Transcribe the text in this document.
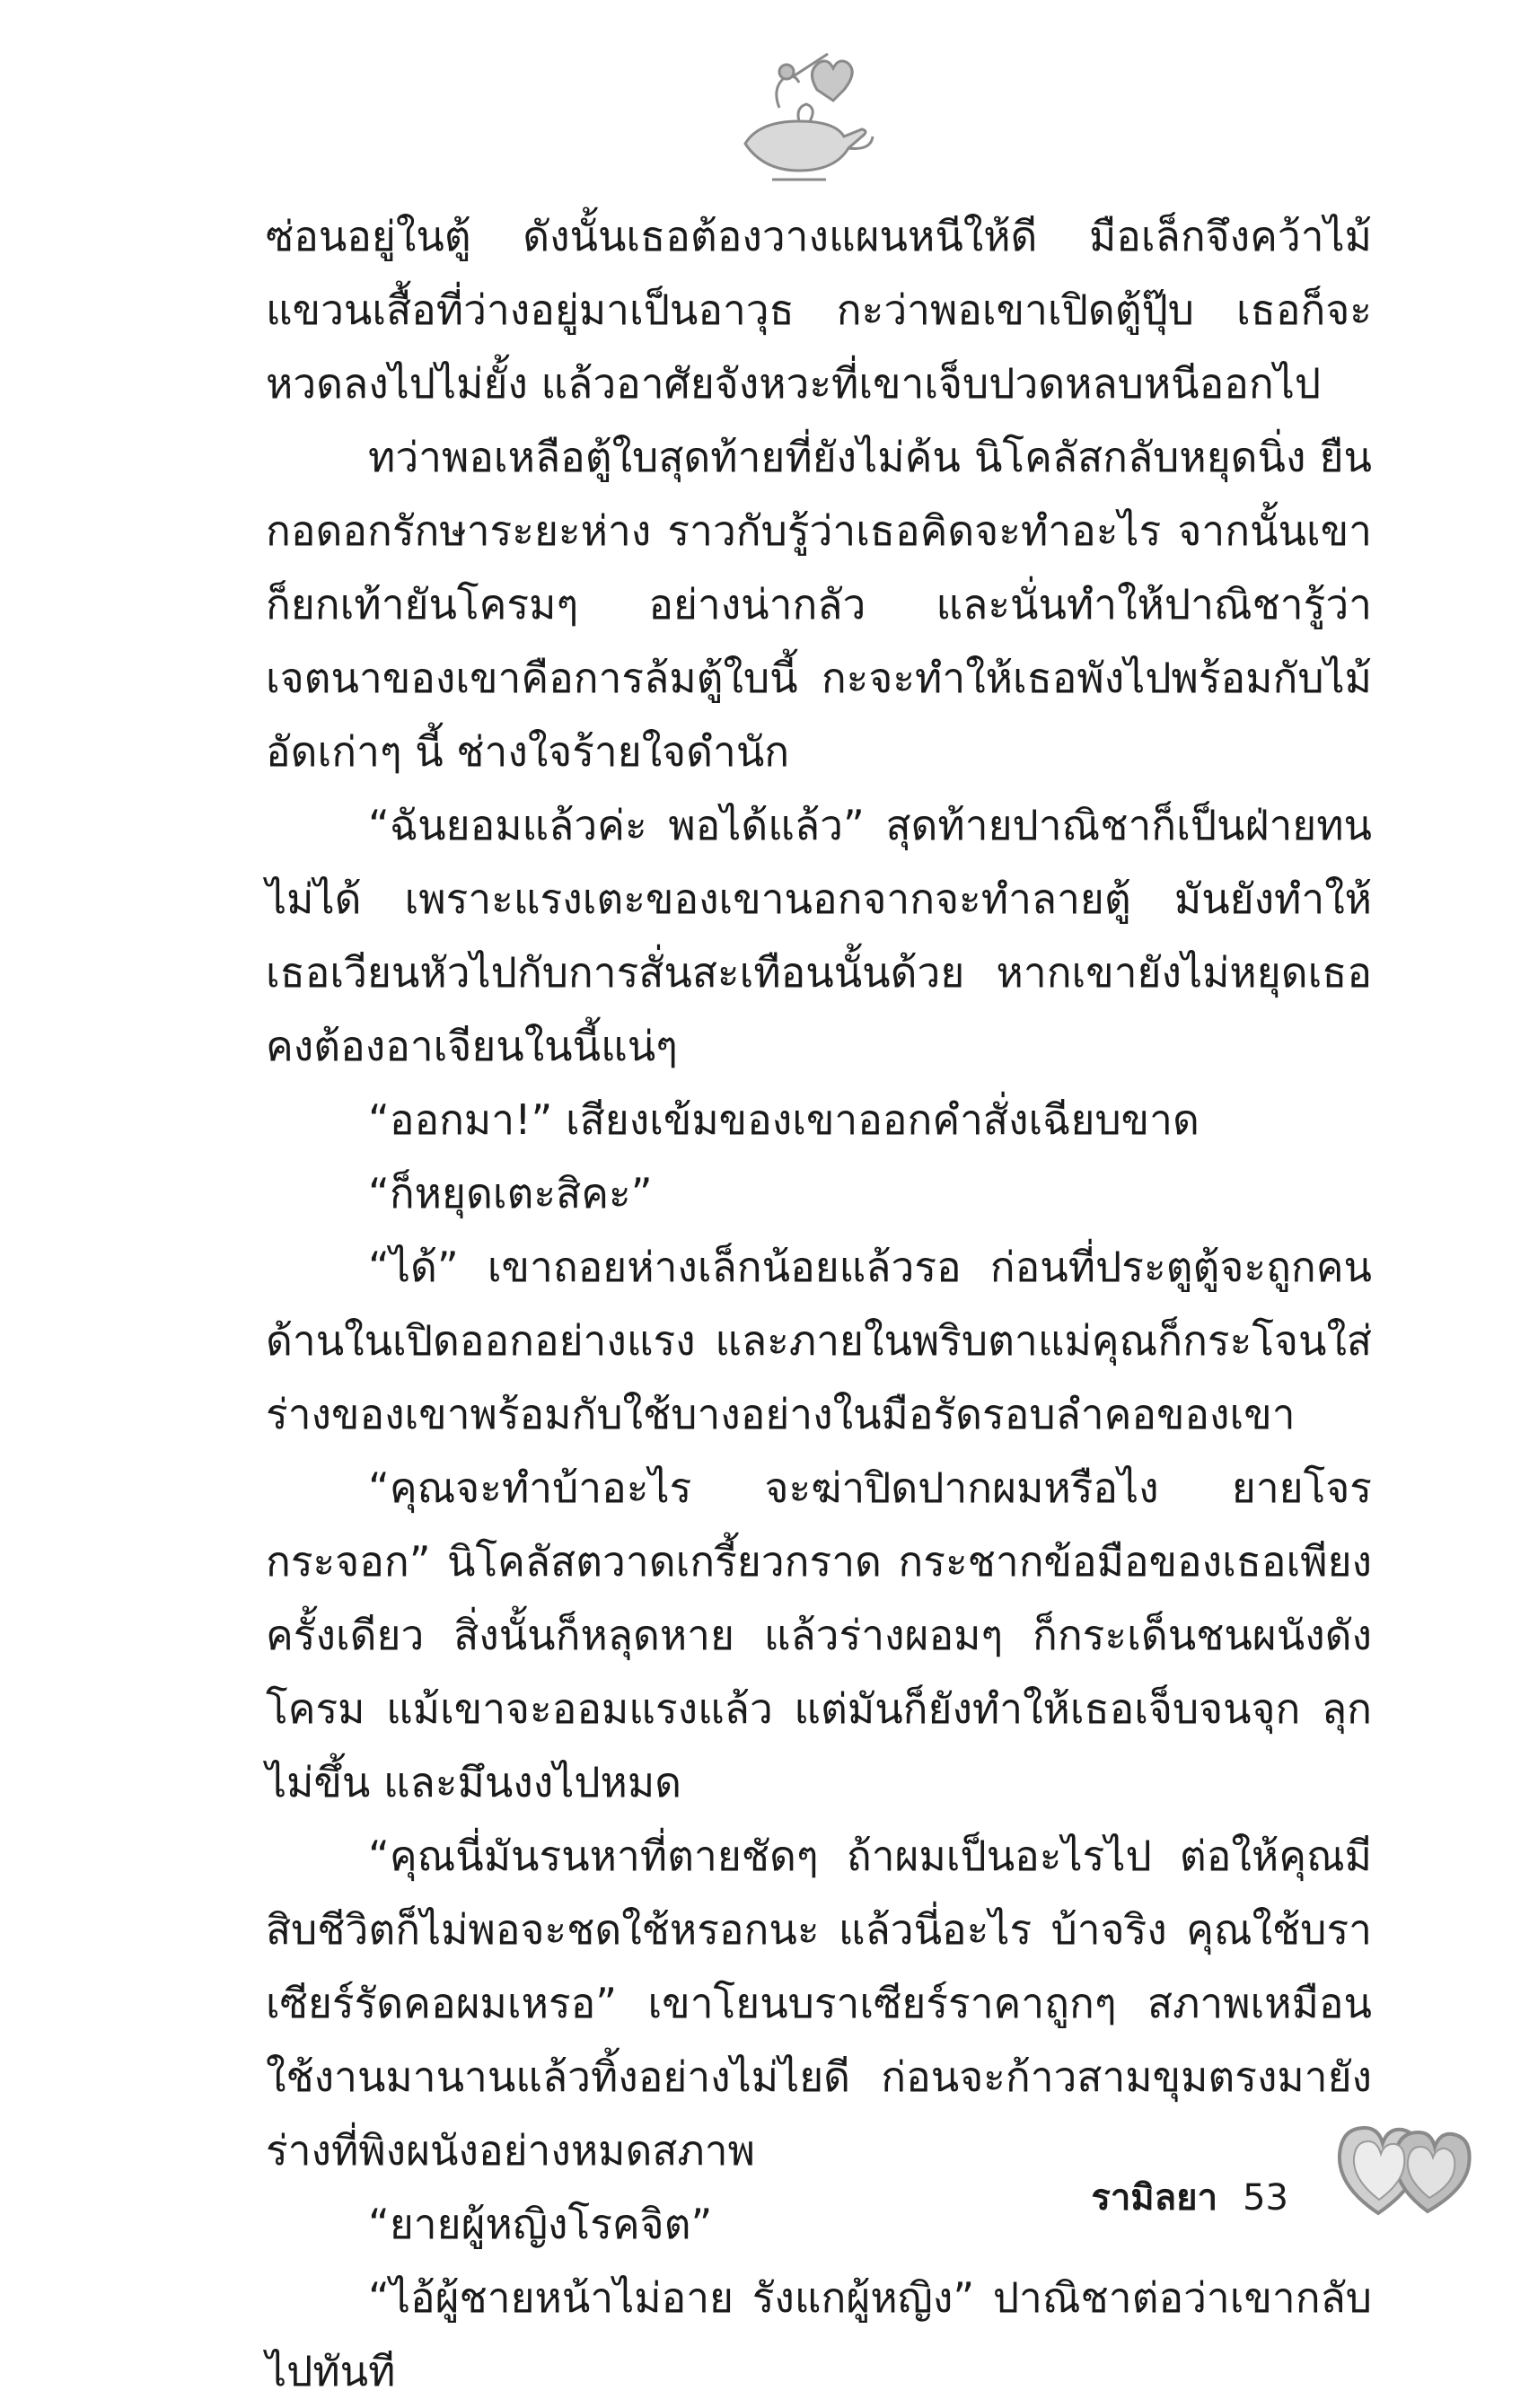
ซ่อนอยู่ในตู้ ดังนั้นเธอต้องวางแผนหนีให้ดี มือเล็กจึงคว้าไม้แขวนเสื้อที่ว่างอยู่มาเป็นอาวุธ กะว่าพอเขาเปิดตู้ปุ๊บ เธอก็จะหวดลงไปไม่ยั้ง แล้วอาศัยจังหวะที่เขาเจ็บปวดหลบหนีออกไป

ทว่าพอเหลือตู้ใบสุดท้ายที่ยังไม่ค้น นิโคลัสกลับหยุดนิ่ง ยืนกอดอกรักษาระยะห่าง ราวกับรู้ว่าเธอคิดจะทำอะไร จากนั้นเขาก็ยกเท้ายันโครมๆ อย่างน่ากลัว และนั่นทำให้ปาณิชารู้ว่าเจตนาของเขาคือการล้มตู้ใบนี้ กะจะทำให้เธอพังไปพร้อมกับไม้อัดเก่าๆ นี้ ช่างใจร้ายใจดำนัก

“ฉันยอมแล้วค่ะ พอได้แล้ว” สุดท้ายปาณิชาก็เป็นฝ่ายทนไม่ได้ เพราะแรงเตะของเขานอกจากจะทำลายตู้ มันยังทำให้เธอเวียนหัวไปกับการสั่นสะเทือนนั้นด้วย หากเขายังไม่หยุดเธอคงต้องอาเจียนในนี้แน่ๆ

“ออกมา!” เสียงเข้มของเขาออกคำสั่งเฉียบขาด

“ก็หยุดเตะสิคะ”

“ได้” เขาถอยห่างเล็กน้อยแล้วรอ ก่อนที่ประตูตู้จะถูกคนด้านในเปิดออกอย่างแรง และภายในพริบตาแม่คุณก็กระโจนใส่ร่างของเขาพร้อมกับใช้บางอย่างในมือรัดรอบลำคอของเขา

“คุณจะทำบ้าอะไร จะฆ่าปิดปากผมหรือไง ยายโจรกระจอก” นิโคลัสตวาดเกรี้ยวกราด กระชากข้อมือของเธอเพียงครั้งเดียว สิ่งนั้นก็หลุดหาย แล้วร่างผอมๆ ก็กระเด็นชนผนังดังโครม แม้เขาจะออมแรงแล้ว แต่มันก็ยังทำให้เธอเจ็บจนจุก ลุกไม่ขึ้น และมึนงงไปหมด

“คุณนี่มันรนหาที่ตายชัดๆ ถ้าผมเป็นอะไรไป ต่อให้คุณมีสิบชีวิตก็ไม่พอจะชดใช้หรอกนะ แล้วนี่อะไร บ้าจริง คุณใช้บราเซียร์รัดคอผมเหรอ” เขาโยนบราเซียร์ราคาถูกๆ สภาพเหมือนใช้งานมานานแล้วทิ้งอย่างไม่ไยดี ก่อนจะก้าวสามขุมตรงมายังร่างที่พิงผนังอย่างหมดสภาพ

“ยายผู้หญิงโรคจิต”

“ไอ้ผู้ชายหน้าไม่อาย รังแกผู้หญิง” ปาณิชาต่อว่าเขากลับไปทันที

รามิลยา 53
